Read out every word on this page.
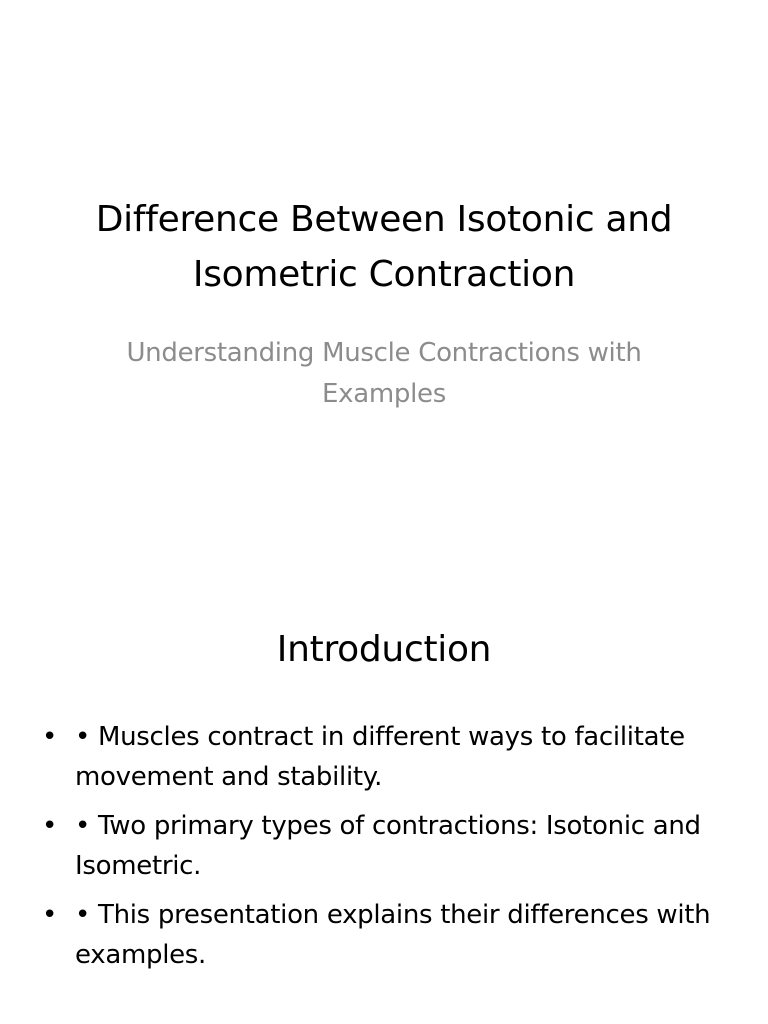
Difference Between Isotonic and Isometric Contraction

Understanding Muscle Contractions with Examples

Introduction
• • Muscles contract in different ways to facilitate movement and stability.
• • Two primary types of contractions: Isotonic and Isometric.
• • This presentation explains their differences with examples.
